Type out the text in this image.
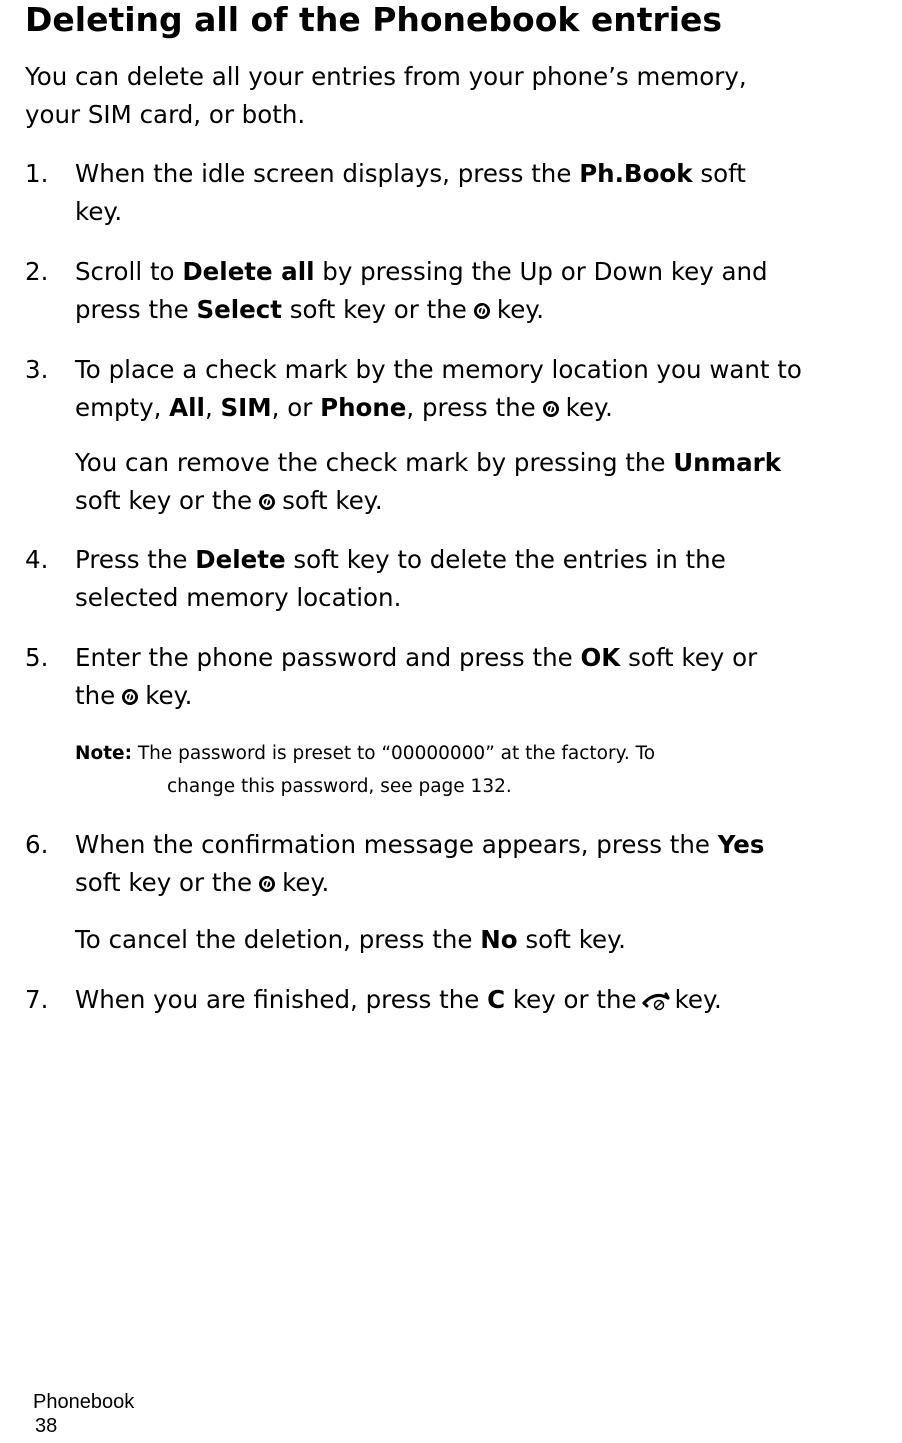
Deleting all of the Phonebook entries
You can delete all your entries from your phone’s memory,
your SIM card, or both.
1. When the idle screen displays, press the Ph.Book soft
key.
2. Scroll to Delete all by pressing the Up or Down key and
press the Select soft key or the key.
3. To place a check mark by the memory location you want to
empty, All, SIM, or Phone, press the key.
You can remove the check mark by pressing the Unmark
soft key or the soft key.
4. Press the Delete soft key to delete the entries in the
selected memory location.
5. Enter the phone password and press the OK soft key or
the key.
Note: The password is preset to “00000000” at the factory. To
change this password, see page 132.
6. When the confirmation message appears, press the Yes
soft key or the key.
To cancel the deletion, press the No soft key.
7. When you are finished, press the C key or the key.
Phonebook
38
